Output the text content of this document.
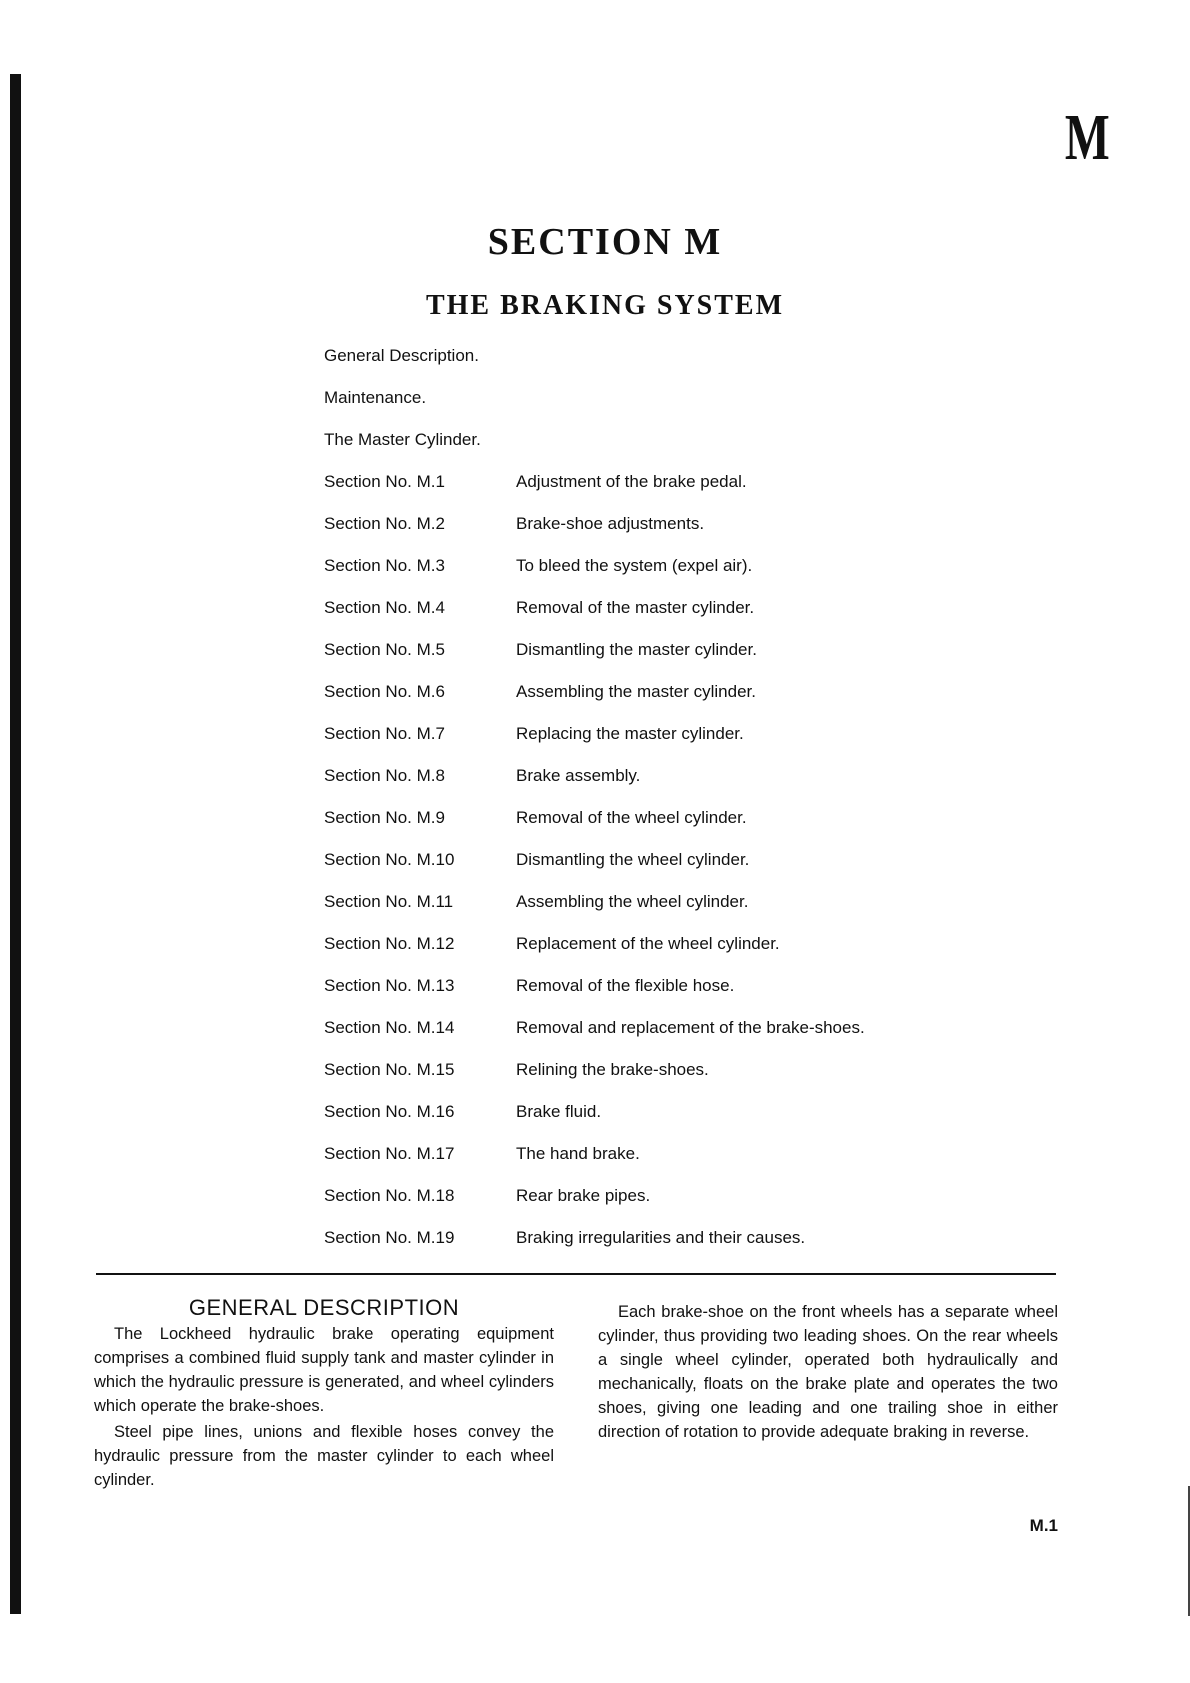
M
SECTION M
THE BRAKING SYSTEM
General Description.
Maintenance.
The Master Cylinder.
Section No. M.1	Adjustment of the brake pedal.
Section No. M.2	Brake-shoe adjustments.
Section No. M.3	To bleed the system (expel air).
Section No. M.4	Removal of the master cylinder.
Section No. M.5	Dismantling the master cylinder.
Section No. M.6	Assembling the master cylinder.
Section No. M.7	Replacing the master cylinder.
Section No. M.8	Brake assembly.
Section No. M.9	Removal of the wheel cylinder.
Section No. M.10	Dismantling the wheel cylinder.
Section No. M.11	Assembling the wheel cylinder.
Section No. M.12	Replacement of the wheel cylinder.
Section No. M.13	Removal of the flexible hose.
Section No. M.14	Removal and replacement of the brake-shoes.
Section No. M.15	Relining the brake-shoes.
Section No. M.16	Brake fluid.
Section No. M.17	The hand brake.
Section No. M.18	Rear brake pipes.
Section No. M.19	Braking irregularities and their causes.
GENERAL DESCRIPTION

The Lockheed hydraulic brake operating equipment comprises a combined fluid supply tank and master cylinder in which the hydraulic pressure is generated, and wheel cylinders which operate the brake-shoes.

Steel pipe lines, unions and flexible hoses convey the hydraulic pressure from the master cylinder to each wheel cylinder.

Each brake-shoe on the front wheels has a separate wheel cylinder, thus providing two leading shoes. On the rear wheels a single wheel cylinder, operated both hydraulically and mechanically, floats on the brake plate and operates the two shoes, giving one leading and one trailing shoe in either direction of rotation to provide adequate braking in reverse.

M.1
